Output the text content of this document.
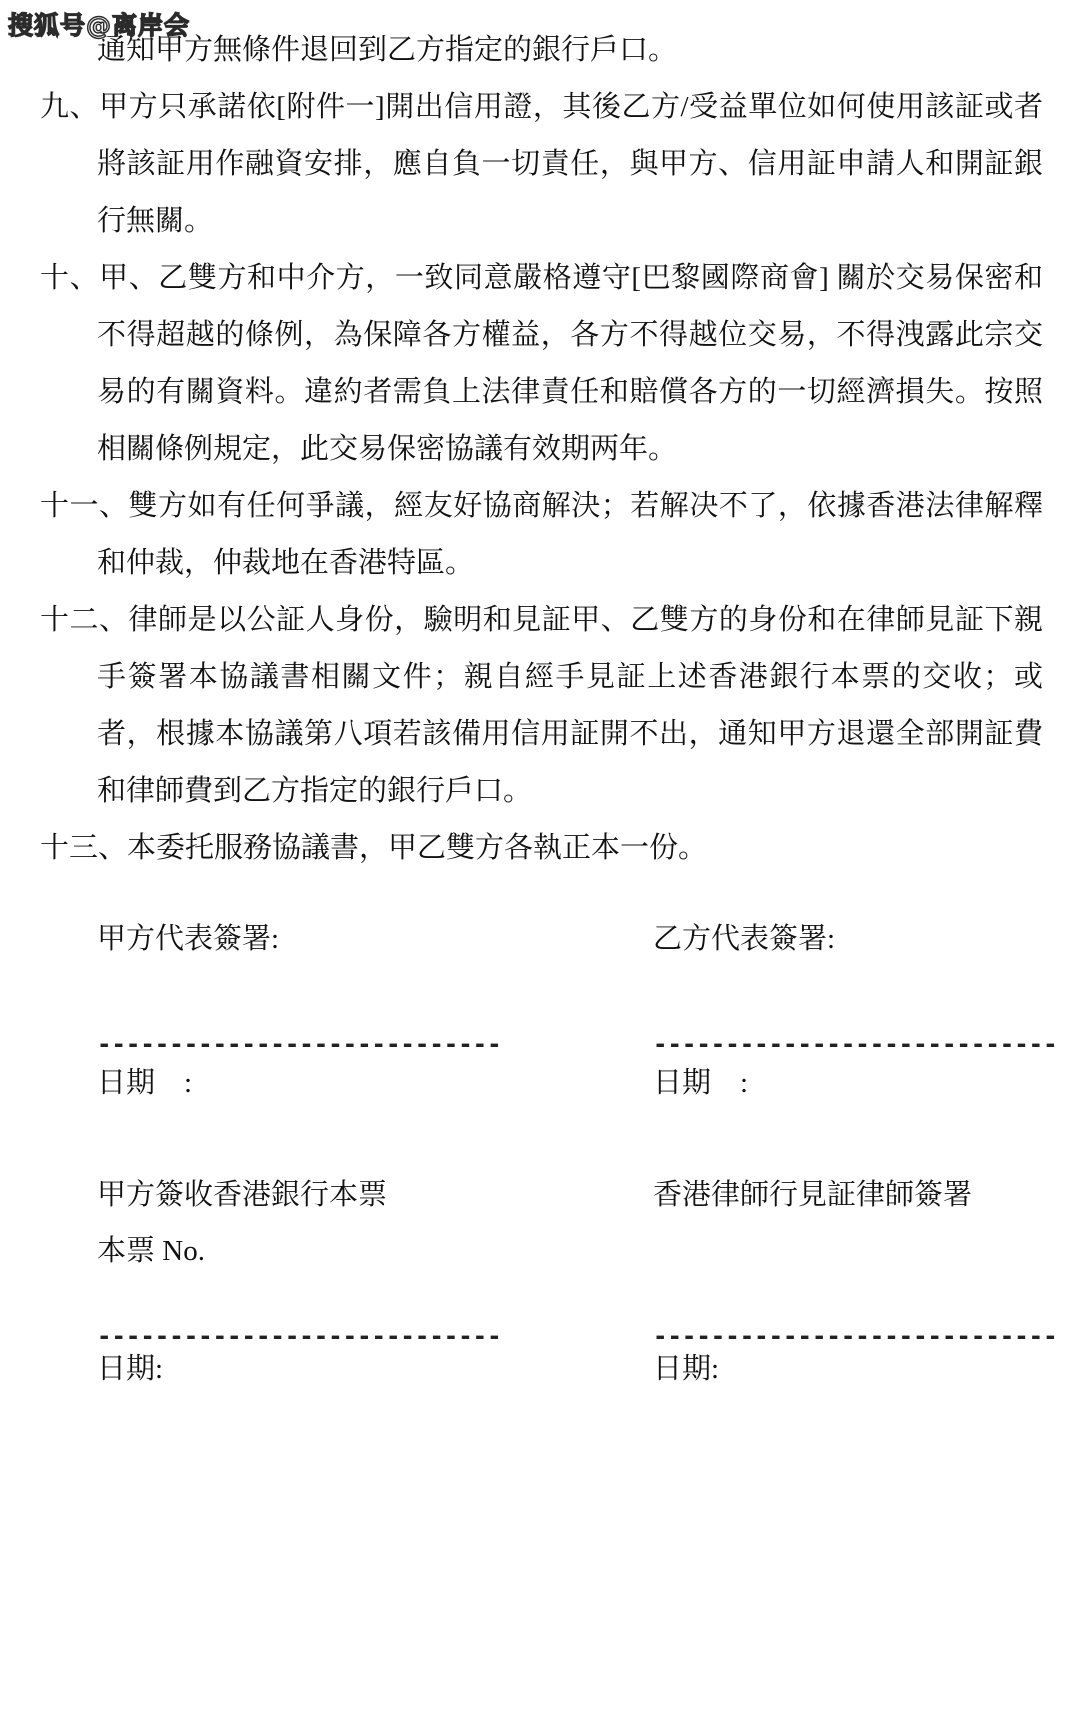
搜狐号@离岸会

通知甲方無條件退回到乙方指定的銀行戶口。

九、甲方只承諾依[附件一]開出信用證，其後乙方/受益單位如何使用該証或者將該証用作融資安排，應自負一切責任，與甲方、信用証申請人和開証銀行無關。

十、甲、乙雙方和中介方，一致同意嚴格遵守[巴黎國際商會] 關於交易保密和不得超越的條例，為保障各方權益，各方不得越位交易，不得洩露此宗交易的有關資料。違約者需負上法律責任和賠償各方的一切經濟損失。按照相關條例規定，此交易保密協議有效期两年。

十一、雙方如有任何爭議，經友好協商解決；若解决不了，依據香港法律解釋和仲裁，仲裁地在香港特區。

十二、律師是以公証人身份，驗明和見証甲、乙雙方的身份和在律師見証下親手簽署本協議書相關文件；親自經手見証上述香港銀行本票的交收；或者，根據本協議第八項若該備用信用証開不出，通知甲方退還全部開証費和律師費到乙方指定的銀行戶口。

十三、本委托服務協議書，甲乙雙方各執正本一份。

甲方代表簽署:	乙方代表簽署:
----------------------------	----------------------------
日期　:	日期　:
甲方簽收香港銀行本票	香港律師行見証律師簽署
本票 No.
----------------------------	----------------------------
日期:	日期:
